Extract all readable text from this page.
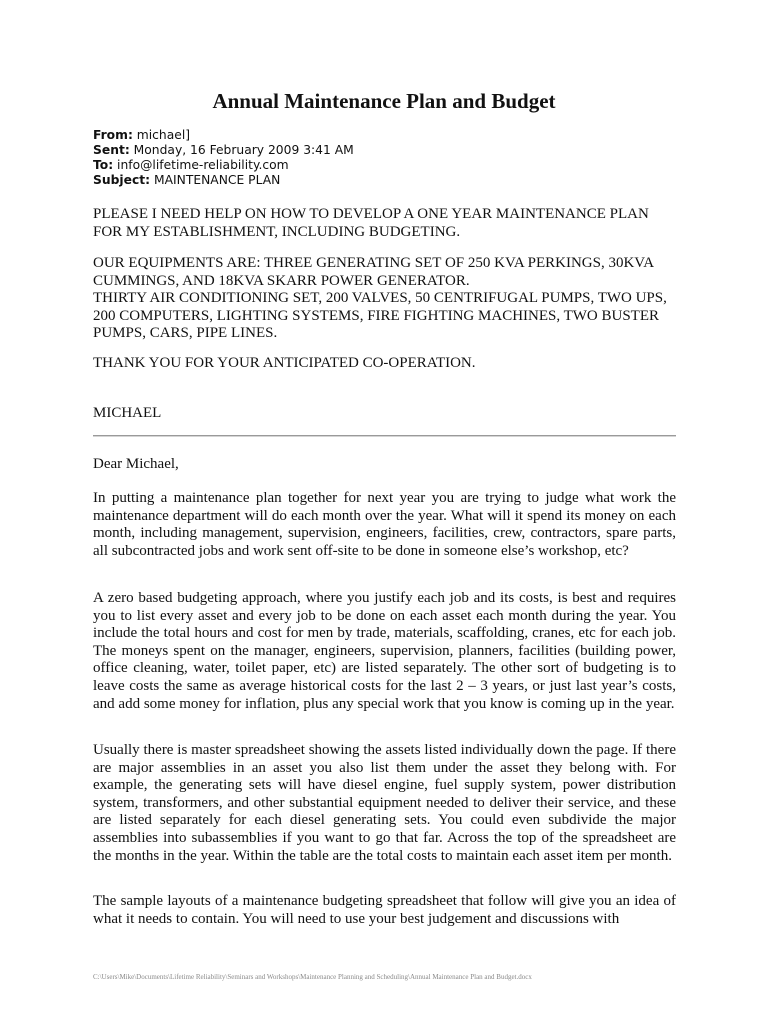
Annual Maintenance Plan and Budget
From: michael]
Sent: Monday, 16 February 2009 3:41 AM
To: info@lifetime-reliability.com
Subject: MAINTENANCE PLAN

PLEASE I NEED HELP ON HOW TO DEVELOP A ONE YEAR MAINTENANCE PLAN FOR MY ESTABLISHMENT, INCLUDING BUDGETING.

OUR EQUIPMENTS ARE: THREE GENERATING SET OF 250 KVA PERKINGS, 30KVA CUMMINGS, AND 18KVA SKARR POWER GENERATOR.

THIRTY AIR CONDITIONING SET, 200 VALVES, 50 CENTRIFUGAL PUMPS, TWO UPS, 200 COMPUTERS, LIGHTING SYSTEMS, FIRE FIGHTING MACHINES, TWO BUSTER PUMPS, CARS, PIPE LINES.

THANK YOU FOR YOUR ANTICIPATED CO-OPERATION.

MICHAEL

Dear Michael,

In putting a maintenance plan together for next year you are trying to judge what work the maintenance department will do each month over the year. What will it spend its money on each month, including management, supervision, engineers, facilities, crew, contractors, spare parts, all subcontracted jobs and work sent off-site to be done in someone else’s workshop, etc?

A zero based budgeting approach, where you justify each job and its costs, is best and requires you to list every asset and every job to be done on each asset each month during the year. You include the total hours and cost for men by trade, materials, scaffolding, cranes, etc for each job. The moneys spent on the manager, engineers, supervision, planners, facilities (building power, office cleaning, water, toilet paper, etc) are listed separately. The other sort of budgeting is to leave costs the same as average historical costs for the last 2 – 3 years, or just last year’s costs, and add some money for inflation, plus any special work that you know is coming up in the year.

Usually there is master spreadsheet showing the assets listed individually down the page. If there are major assemblies in an asset you also list them under the asset they belong with. For example, the generating sets will have diesel engine, fuel supply system, power distribution system, transformers, and other substantial equipment needed to deliver their service, and these are listed separately for each diesel generating sets. You could even subdivide the major assemblies into subassemblies if you want to go that far. Across the top of the spreadsheet are the months in the year. Within the table are the total costs to maintain each asset item per month.

The sample layouts of a maintenance budgeting spreadsheet that follow will give you an idea of what it needs to contain. You will need to use your best judgement and discussions with

C:\Users\Mike\Documents\Lifetime Reliability\Seminars and Workshops\Maintenance Planning and Scheduling\Annual Maintenance Plan and Budget.docx
